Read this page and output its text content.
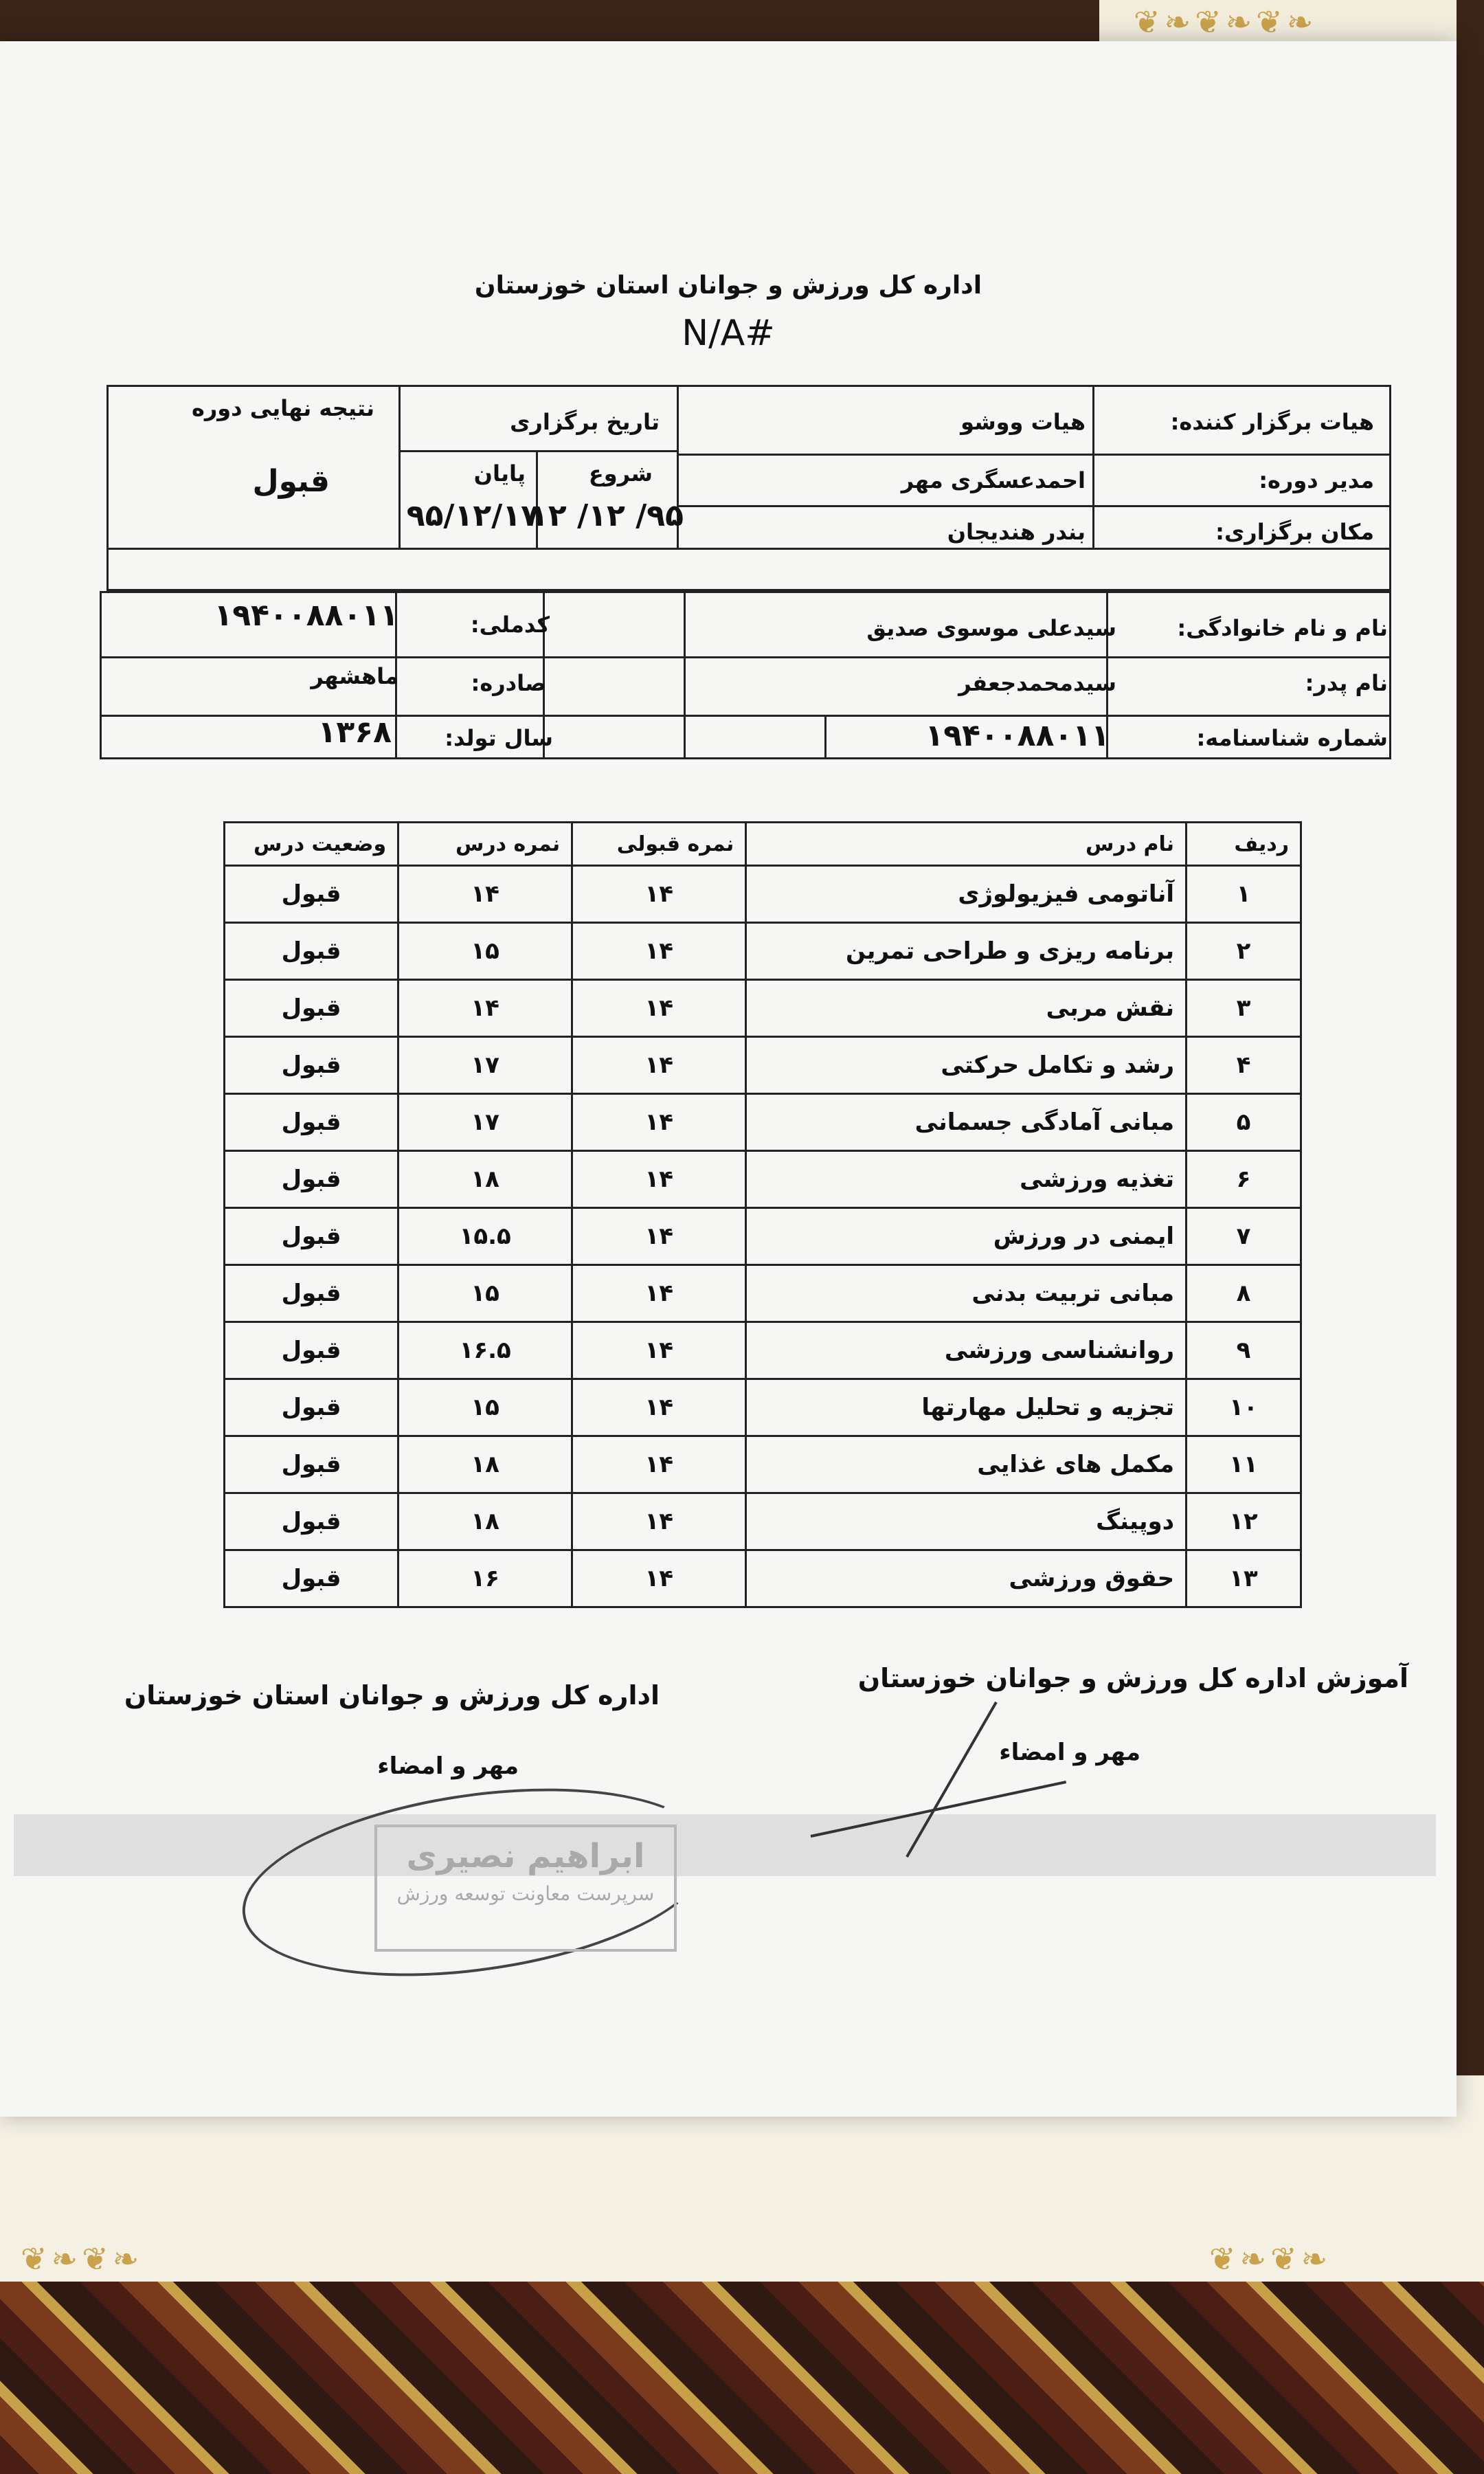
❦❧❦❧❦❧
❦❧❦❧	❦❧❦❧
اداره کل ورزش و جوانان استان خوزستان
#N/A
هیات برگزار کننده:
هیات ووشو
مدیر دوره:
احمدعسگری مهر
مکان برگزاری:
بندر هندیجان
تاریخ برگزاری
شروع
پایان
۹۵/ ۱۲/ ۱۲
۹۵/۱۲/۱۷
نتیجه نهایی دوره
قبول
نام و نام خانوادگی:
سیدعلی موسوی صدیق
نام پدر:
سیدمحمدجعفر
شماره شناسنامه:
۱۹۴۰۰۸۸۰۱۱
کدملی:
۱۹۴۰۰۸۸۰۱۱
صادره:
ماهشهر
سال تولد:
۱۳۶۸
ردیف	نام درس	نمره قبولی	نمره درس	وضعیت درس
۱	آناتومی فیزیولوژی	۱۴	۱۴	قبول
۲	برنامه ریزی و طراحی تمرین	۱۴	۱۵	قبول
۳	نقش مربی	۱۴	۱۴	قبول
۴	رشد و تکامل حرکتی	۱۴	۱۷	قبول
۵	مبانی آمادگی جسمانی	۱۴	۱۷	قبول
۶	تغذیه ورزشی	۱۴	۱۸	قبول
۷	ایمنی در ورزش	۱۴	۱۵.۵	قبول
۸	مبانی تربیت بدنی	۱۴	۱۵	قبول
۹	روانشناسی ورزشی	۱۴	۱۶.۵	قبول
۱۰	تجزیه و تحلیل مهارتها	۱۴	۱۵	قبول
۱۱	مکمل های غذایی	۱۴	۱۸	قبول
۱۲	دوپینگ	۱۴	۱۸	قبول
۱۳	حقوق ورزشی	۱۴	۱۶	قبول
آموزش اداره کل ورزش و جوانان خوزستان
مهر و امضاء
اداره کل ورزش و جوانان استان خوزستان
مهر و امضاء
ابراهیم نصیری
سرپرست معاونت توسعه ورزش
